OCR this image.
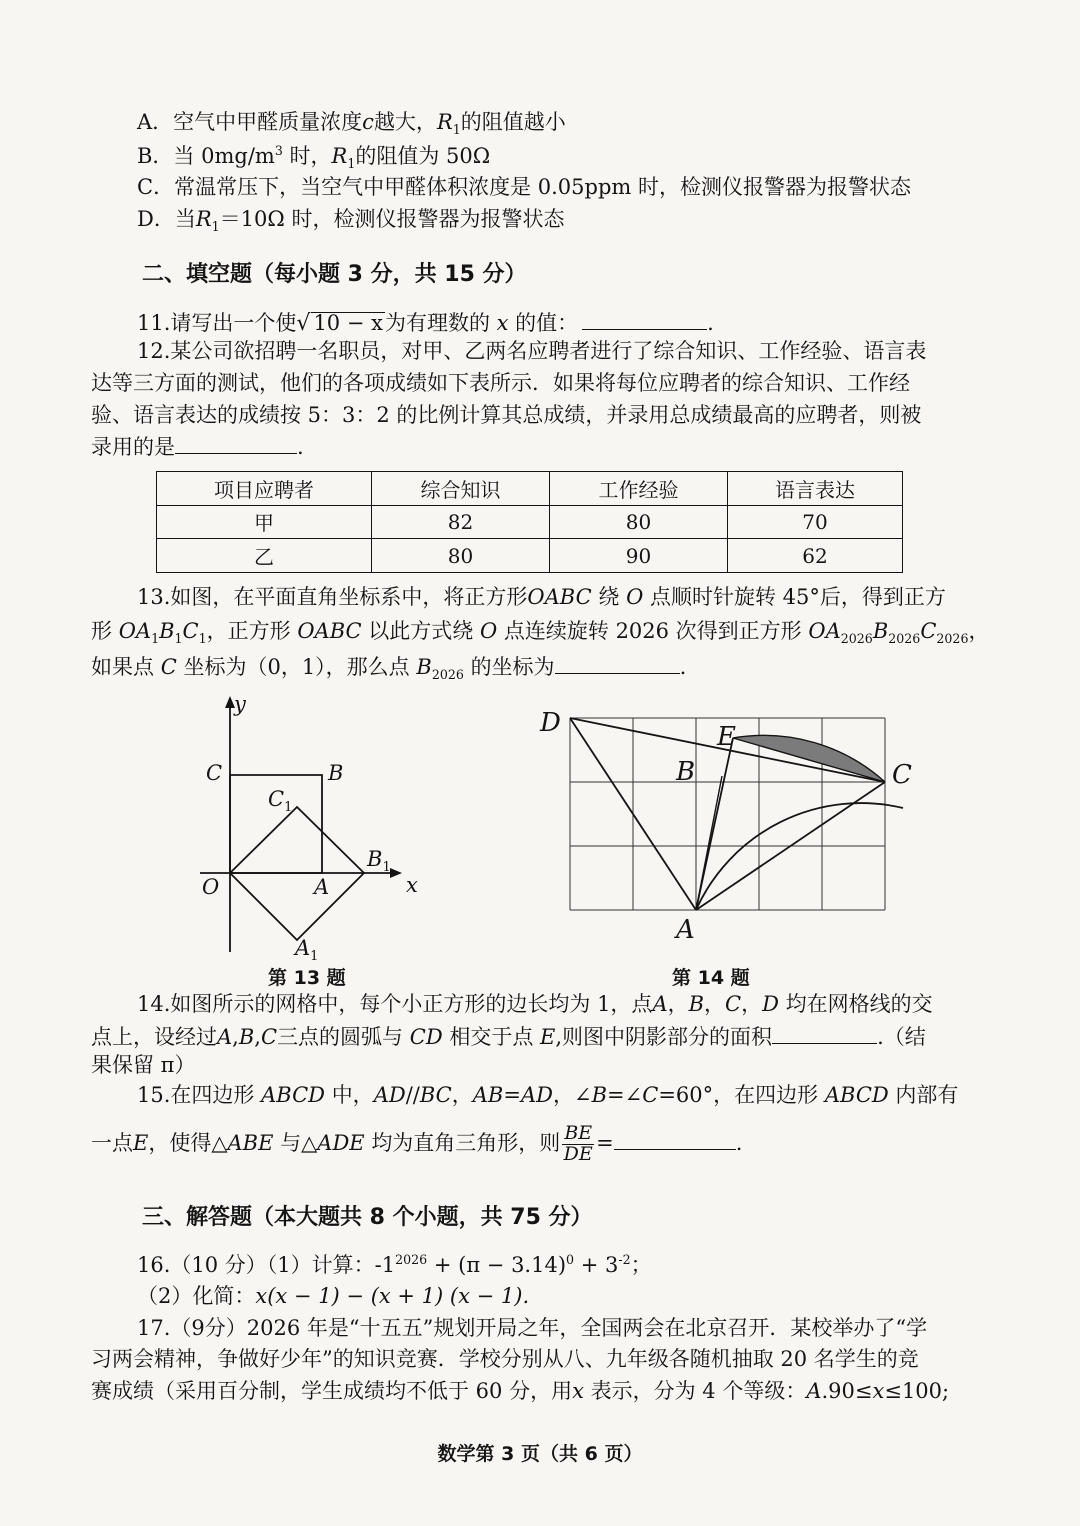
A．空气中甲醛质量浓度c越大，$R_1$的阻值越小
B．当 $0mg/m^3$ 时，$R_1$的阻值为 50Ω
C．常温常压下，当空气中甲醛体积浓度是 0.05ppm 时，检测仪报警器为报警状态
D．当$R_1=10\Omega$ 时，检测仪报警器为报警状态
二、填空题（每小题 3 分，共 15 分）
11.请写出一个使√ 10 − x为有理数的 x 的值：	.
12.某公司欲招聘一名职员，对甲、乙两名应聘者进行了综合知识、工作经验、语言表
达等三方面的测试，他们的各项成绩如下表所示．如果将每位应聘者的综合知识、工作经
验、语言表达的成绩按 5：3：2 的比例计算其总成绩，并录用总成绩最高的应聘者，则被
录用的是	.
项目应聘者	综合知识	工作经验	语言表达
甲	82	80	70
乙	80	90	62
13.如图，在平面直角坐标系中，将正方形OABC 绕 O 点顺时针旋转 45°后，得到正方
形 $OA_1B_1C_1$，正方形 OABC 以此方式绕 O 点连续旋转 2026 次得到正方形 $OA_{2026}B_{2026}C_{2026}$，
如果点 C 坐标为（0，1），那么点 $B_{2026}$ 的坐标为	.
y
x
O	A
B
C
$C_1$
$B_1$
$A_1$
第 13 题
D	E
B	C
A
第 14 题
14.如图所示的网格中，每个小正方形的边长均为 1，点A，B，C，D 均在网格线的交
点上，设经过A,B,C三点的圆弧与 CD 相交于点 E,则图中阴影部分的面积	.（结
果保留 π）
15.在四边形 ABCD 中，AD//BC，AB=AD，∠B=∠C=60°，在四边形 ABCD 内部有
一点E，使得△ABE 与△ADE 均为直角三角形，则 $\frac{BE}{DE}$ =	.
三、解答题（本大题共 8 个小题，共 75 分）
16.（10 分）（1）计算：$-1^{2026} + (\pi - 3.14)^0 + 3^{-2}$；
（2）化简：x(x − 1) − (x + 1) (x − 1).
17.（9分）2026 年是“十五五”规划开局之年，全国两会在北京召开．某校举办了“学
习两会精神，争做好少年”的知识竞赛．学校分别从八、九年级各随机抽取 20 名学生的竞
赛成绩（采用百分制，学生成绩均不低于 60 分，用x 表示，分为 4 个等级：A.90≤x≤100;
数学第 3 页（共 6 页）
